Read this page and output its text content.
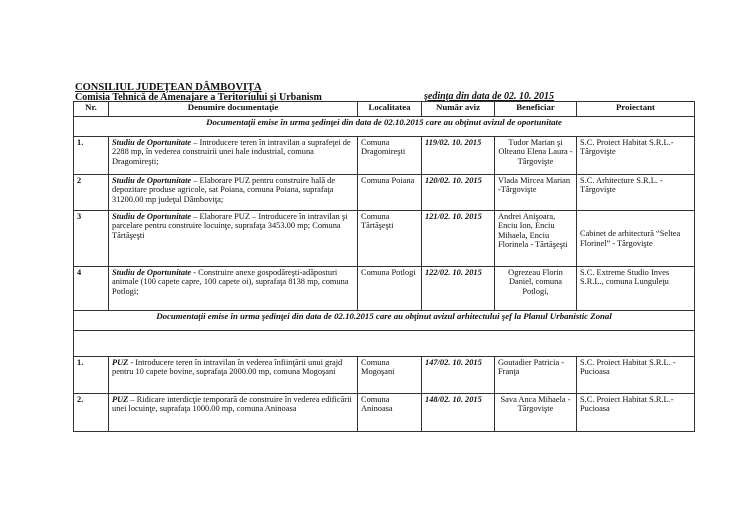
CONSILIUL JUDEŢEAN DÂMBOVIŢA
Comisia Tehnică de Amenajare a Teritoriului şi Urbanism	şedinţa din data de 02. 10. 2015
Nr.	Denumire documentaţie	Localitatea	Număr aviz	Beneficiar	Proiectant
Documentaţii emise în urma şedinţei din data de 02.10.2015 care au obţinut avizul de oportunitate					
1.	Studiu de Oportunitate – Introducere teren în intravilan a suprafeţei de 2288 mp, în vederea construirii unei hale industrial, comuna Dragomireşti;	Comuna Dragomireşti	119/02. 10. 2015	Tudor Marian şi Olteanu Elena Laura - Târgovişte	S.C. Proiect Habitat S.R.L.- Târgovişte
2	Studiu de Oportunitate – Elaborare PUZ pentru construire hală de depozitare produse agricole, sat Poiana, comuna Poiana, suprafaţa 31200.00 mp judeţul Dâmboviţa;	Comuna Poiana	120/02. 10. 2015	Vlada Mircea Marian -Târgovişte	S.C. Arhitecture S.R.L. - Târgovişte
3	Studiu de Oportunitate – Elaborare PUZ – Introducere în intravilan şi parcelare pentru construire locuinţe, suprafaţa 3453.00 mp; Comuna Tărtăşeşti	Comuna Tărtăşeşti	121/02. 10. 2015	Andrei Anişoara, Enciu Ion, Enciu Mihaela, Enciu Florinela - Tărtăşeşti	Cabinet de arhitectură “Seltea Florinel” - Târgovişte
4	Studiu de Oportunitate - Construire anexe gospodăreşti-adăposturi animale (100 capete capre, 100 capete oi), suprafaţa 8138 mp, comuna Potlogi;	Comuna Potlogi	122/02. 10. 2015	Ogrezeau Florin Daniel, comuna Potlogi,	S.C. Extreme Studio Inves S.R.L., comuna Lunguleţu
Documentaţii emise în urma şedinţei din data de 02.10.2015 care au obţinut avizul arhitectului şef la Planul Urbanistic Zonal					

1.	PUZ - Introducere teren în intravilan în vederea înfiinţării unui grajd pentru 10 capete bovine, suprafaţa 2000.00 mp, comuna Mogoşani	Comuna Mogoşani	147/02. 10. 2015	Goutadier Patricia - Franţa	S.C. Proiect Habitat S.R.L. - Pucioasa
2.	PUZ – Ridicare interdicţie temporară de construire în vederea edificării unei locuinţe, suprafaţa 1000.00 mp, comuna Aninoasa	Comuna Aninoasa	148/02. 10. 2015	Sava Anca Mihaela - Târgovişte	S.C. Proiect Habitat S.R.L.- Pucioasa
